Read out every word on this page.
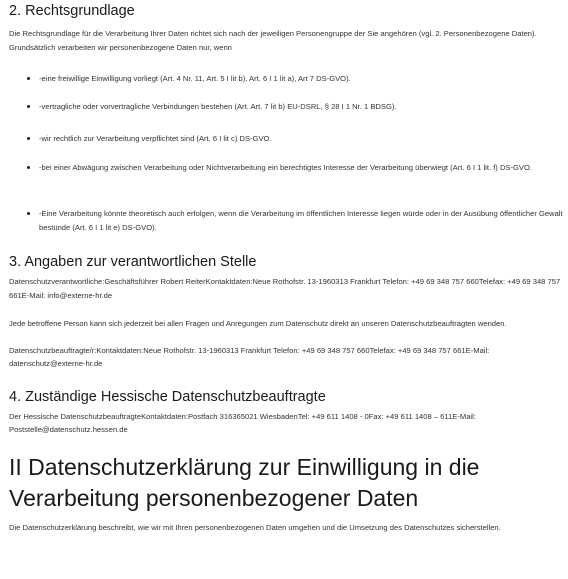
2. Rechtsgrundlage

Die Rechtsgrundlage für die Verarbeitung Ihrer Daten richtet sich nach der jeweiligen Personengruppe der Sie angehören (vgl. 2. Personenbezogene Daten). Grundsätzlich verarbeiten wir personenbezogene Daten nur, wenn

-eine freiwillige Einwilligung vorliegt (Art. 4 Nr. 11, Art. 5 I lit b), Art. 6 I 1 lit a), Art 7 DS-GVO).
-vertragliche oder vorvertragliche Verbindungen bestehen (Art. Art. 7 lit b) EU-DSRL, § 28 I 1 Nr. 1 BDSG).
-wir rechtlich zur Verarbeitung verpflichtet sind (Art. 6 I lit c) DS-GVO.
-bei einer Abwägung zwischen Verarbeitung oder Nichtverarbeitung ein berechtigtes Interesse der Verarbeitung überwiegt (Art. 6 I 1 lit. f) DS-GVO.
-Eine Verarbeitung könnte theoretisch auch erfolgen, wenn die Verarbeitung im öffentlichen Interesse liegen würde oder in der Ausübung öffentlicher Gewalt bestünde (Art. 6 I 1 lit e) DS-GVO).
3. Angaben zur verantwortlichen Stelle

Datenschutzverantwortliche:Geschäftsführer Robert ReiterKontaktdaten:Neue Rothofstr. 13-1960313 Frankfurt Telefon: +49 69 348 757 660Telefax: +49 69 348 757 661E-Mail: info@externe-hr.de

Jede betroffene Person kann sich jederzeit bei allen Fragen und Anregungen zum Datenschutz direkt an unseren Datenschutzbeauftragten wenden.

Datenschutzbeauftragte/r:Kontaktdaten:Neue Rothofstr. 13-1960313 Frankfurt Telefon: +49 69 348 757 660Telefax: +49 69 348 757 661E-Mail: datenschutz@externe-hr.de

4. Zuständige Hessische Datenschutzbeauftragte

Der Hessische DatenschutzbeauftragteKontaktdaten:Postfach 316365021 WiesbadenTel: +49 611 1408 - 0Fax: +49 611 1408 – 611E-Mail: Poststelle@datenschutz.hessen.de

II Datenschutzerklärung zur Einwilligung in die Verarbeitung personenbezogener Daten

Die Datenschutzerklärung beschreibt, wie wir mit Ihren personenbezogenen Daten umgehen und die Umsetzung des Datenschutzes sicherstellen.
